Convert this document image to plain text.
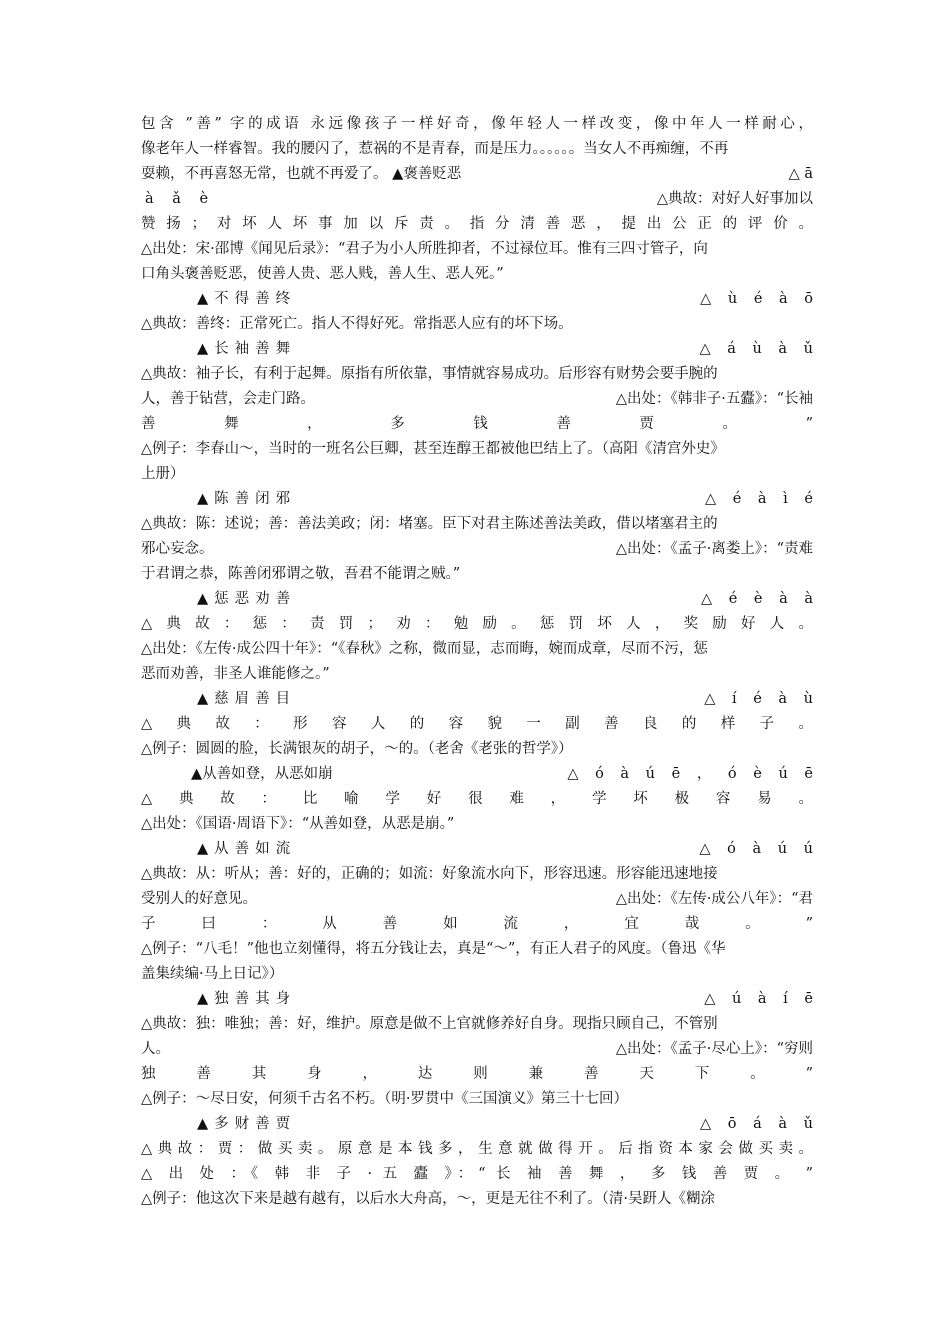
包含 ”善” 字的成语 永远像孩子一样好奇，像年轻人一样改变，像中年人一样耐心，
像老年人一样睿智。我的腰闪了，惹祸的不是青春，而是压力。。。。。。当女人不再痴缠，不再
耍赖，不再喜怒无常，也就不再爱了。 ▲褒善贬恶	△ ā
à ǎ è	△典故：对好人好事加以
赞扬；对坏人坏事加以斥责。指分清善恶，提出公正的评价。
△出处：宋·邵博《闻见后录》：“君子为小人所胜抑者，不过禄位耳。惟有三四寸管子，向
口角头褒善贬恶，使善人贵、恶人贱，善人生、恶人死。”
▲不得善终	△ ù é à ō
△典故：善终：正常死亡。指人不得好死。常指恶人应有的坏下场。
▲长袖善舞	△ á ù à ǔ
△典故：袖子长，有利于起舞。原指有所依靠，事情就容易成功。后形容有财势会要手腕的
人，善于钻营，会走门路。	△出处：《韩非子·五蠹》：“长袖
善 舞 ， 多 钱 善 贾 。 ”
△例子：李春山～，当时的一班名公巨卿，甚至连醇王都被他巴结上了。（高阳《清宫外史》
上册）
▲陈善闭邪	△ é à ì é
△典故：陈：述说；善：善法美政；闭：堵塞。臣下对君主陈述善法美政，借以堵塞君主的
邪心妄念。	△出处：《孟子·离娄上》：“责难
于君谓之恭，陈善闭邪谓之敬，吾君不能谓之贼。”
▲惩恶劝善	△ é è à à
△典故：惩：责罚；劝：勉励。惩罚坏人，奖励好人。
△出处：《左传·成公四十年》：“《春秋》之称，微而显，志而晦，婉而成章，尽而不污，惩
恶而劝善，非圣人谁能修之。”
▲慈眉善目	△ í é à ù
△ 典 故 ： 形 容 人 的 容 貌 一 副 善 良 的 样 子 。
△例子：圆圆的脸，长满银灰的胡子，～的。（老舍《老张的哲学》）
▲从善如登，从恶如崩	△ ó à ú ē ， ó è ú ē
△ 典 故 ： 比 喻 学 好 很 难 ， 学 坏 极 容 易 。
△出处：《国语·周语下》：“从善如登，从恶是崩。”
▲从善如流	△ ó à ú ú
△典故：从：听从；善：好的，正确的；如流：好象流水向下，形容迅速。形容能迅速地接
受别人的好意见。	△出处：《左传·成公八年》：“君
子 曰 ： 从 善 如 流 ， 宜 哉 。 ”
△例子：“八毛！”他也立刻懂得，将五分钱让去，真是“～”，有正人君子的风度。（鲁迅《华
盖集续编·马上日记》）
▲独善其身	△ ú à í ē
△典故：独：唯独；善：好，维护。原意是做不上官就修养好自身。现指只顾自己，不管别
人。	△出处：《孟子·尽心上》：“穷则
独 善 其 身 ， 达 则 兼 善 天 下 。 ”
△例子：～尽日安，何须千古名不朽。（明·罗贯中《三国演义》第三十七回）
▲多财善贾	△ ō á à ǔ
△典故：贾：做买卖。原意是本钱多，生意就做得开。后指资本家会做买卖。
△ 出 处 ：《 韩 非 子 · 五 蠹 》：“ 长 袖 善 舞 ， 多 钱 善 贾 。 ”
△例子：他这次下来是越有越有，以后水大舟高，～，更是无往不利了。（清·吴趼人《糊涂
